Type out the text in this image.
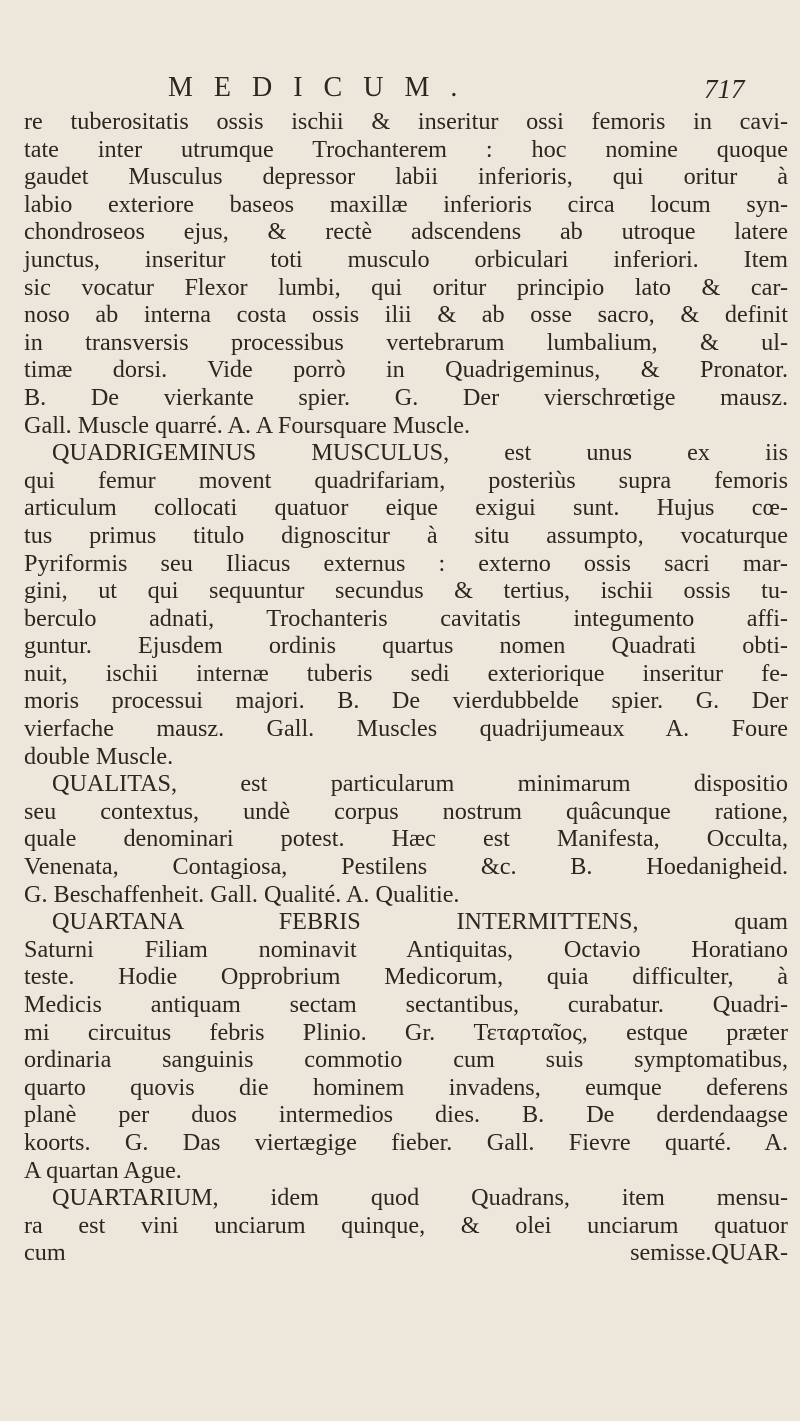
MEDICUM.	717
re tuberositatis ossis ischii & inseritur ossi femoris in cavi-
tate inter utrumque Trochanterem : hoc nomine quoque
gaudet Musculus depressor labii inferioris, qui oritur à
labio exteriore baseos maxillæ inferioris circa locum syn-
chondroseos ejus, & rectè adscendens ab utroque latere
junctus, inseritur toti musculo orbiculari inferiori. Item
sic vocatur Flexor lumbi, qui oritur principio lato & car-
noso ab interna costa ossis ilii & ab osse sacro, & definit
in transversis processibus vertebrarum lumbalium, & ul-
timæ dorsi. Vide porrò in Quadrigeminus, & Pronator.
B. De vierkante spier. G. Der vierschrœtige mausz.
Gall. Muscle quarré. A. A Foursquare Muscle.
QUADRIGEMINUS MUSCULUS, est unus ex iis
qui femur movent quadrifariam, posteriùs supra femoris
articulum collocati quatuor eique exigui sunt. Hujus cœ-
tus primus titulo dignoscitur à situ assumpto, vocaturque
Pyriformis seu Iliacus externus : externo ossis sacri mar-
gini, ut qui sequuntur secundus & tertius, ischii ossis tu-
berculo adnati, Trochanteris cavitatis integumento affi-
guntur. Ejusdem ordinis quartus nomen Quadrati obti-
nuit, ischii internæ tuberis sedi exteriorique inseritur fe-
moris processui majori. B. De vierdubbelde spier. G. Der
vierfache mausz. Gall. Muscles quadrijumeaux A. Foure
double Muscle.
QUALITAS, est particularum minimarum dispositio
seu contextus, undè corpus nostrum quâcunque ratione,
quale denominari potest. Hæc est Manifesta, Occulta,
Venenata, Contagiosa, Pestilens &c. B. Hoedanigheid.
G. Beschaffenheit. Gall. Qualité. A. Qualitie.
QUARTANA FEBRIS INTERMITTENS, quam
Saturni Filiam nominavit Antiquitas, Octavio Horatiano
teste. Hodie Opprobrium Medicorum, quia difficulter, à
Medicis antiquam sectam sectantibus, curabatur. Quadri-
mi circuitus febris Plinio. Gr. Τεταρταῖος, estque præter
ordinaria sanguinis commotio cum suis symptomatibus,
quarto quovis die hominem invadens, eumque deferens
planè per duos intermedios dies. B. De derdendaagse
koorts. G. Das viertægige fieber. Gall. Fievre quarté. A.
A quartan Ague.
QUARTARIUM, idem quod Quadrans, item mensu-
ra est vini unciarum quinque, & olei unciarum quatuor
cum semisse.QUAR-
